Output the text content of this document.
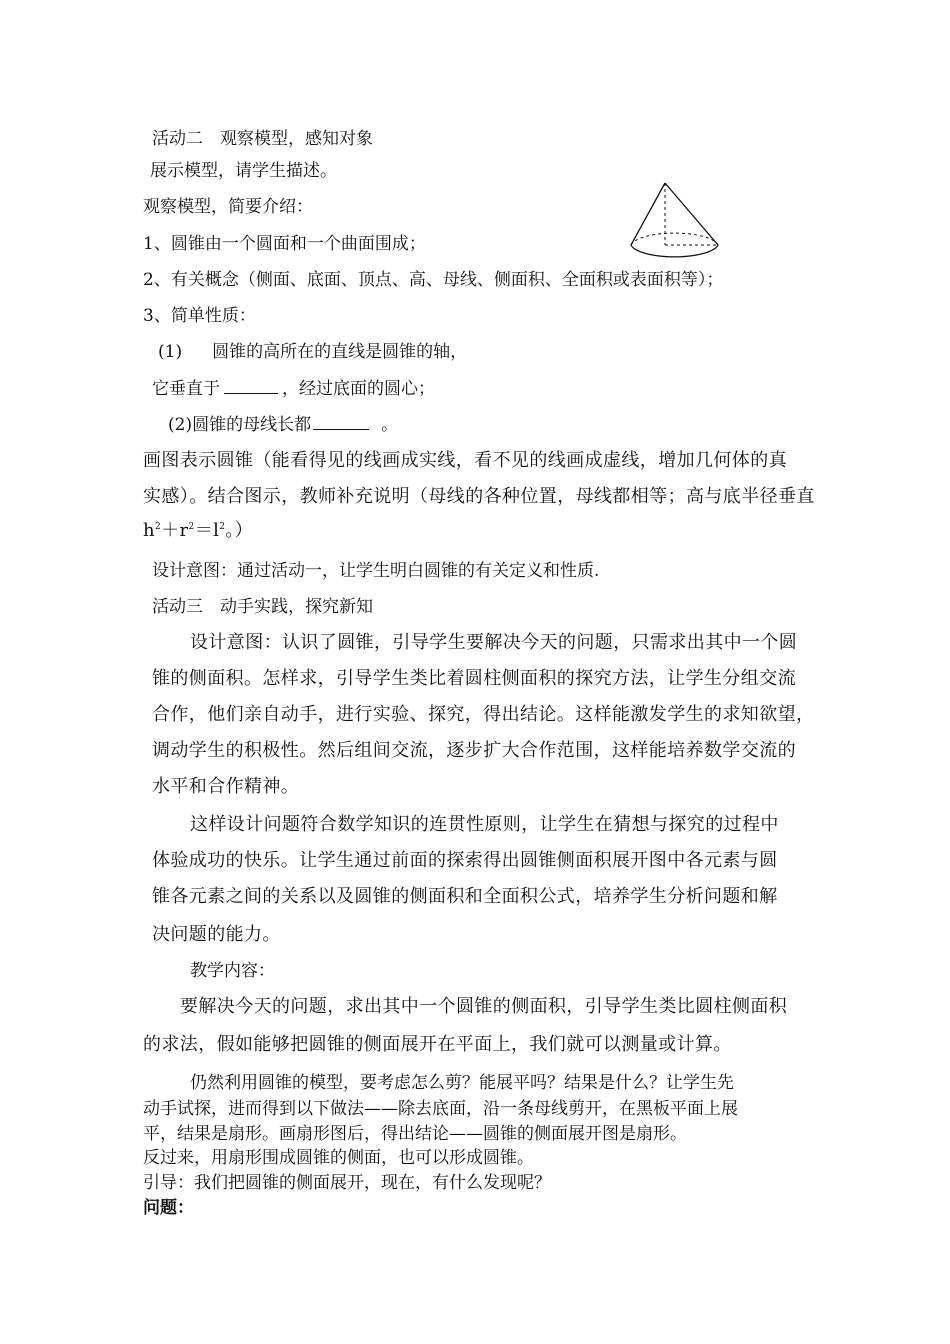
活动二　观察模型，感知对象
展示模型，请学生描述。
观察模型，简要介绍：
1、圆锥由一个圆面和一个曲面围成；
2、有关概念（侧面、底面、顶点、高、母线、侧面积、全面积或表面积等）；
3、简单性质：
(1) 圆锥的高所在的直线是圆锥的轴，
它垂直于	，经过底面的圆心；
(2)圆锥的母线长都	。
画图表示圆锥（能看得见的线画成实线，看不见的线画成虚线，增加几何体的真
实感）。结合图示，教师补充说明（母线的各种位置，母线都相等；高与底半径垂直
$h^2+r^2=l^2$。）
设计意图：通过活动一，让学生明白圆锥的有关定义和性质.
活动三　动手实践，探究新知
设计意图：认识了圆锥，引导学生要解决今天的问题，只需求出其中一个圆
锥的侧面积。怎样求，引导学生类比着圆柱侧面积的探究方法，让学生分组交流
合作，他们亲自动手，进行实验、探究，得出结论。这样能激发学生的求知欲望，
调动学生的积极性。然后组间交流，逐步扩大合作范围，这样能培养数学交流的
水平和合作精神。
这样设计问题符合数学知识的连贯性原则，让学生在猜想与探究的过程中
体验成功的快乐。让学生通过前面的探索得出圆锥侧面积展开图中各元素与圆
锥各元素之间的关系以及圆锥的侧面积和全面积公式，培养学生分析问题和解
决问题的能力。
教学内容：
要解决今天的问题，求出其中一个圆锥的侧面积，引导学生类比圆柱侧面积
的求法，假如能够把圆锥的侧面展开在平面上，我们就可以测量或计算。
仍然利用圆锥的模型，要考虑怎么剪？能展平吗？结果是什么？让学生先
动手试探，进而得到以下做法——除去底面，沿一条母线剪开，在黑板平面上展
平，结果是扇形。画扇形图后，得出结论——圆锥的侧面展开图是扇形。
反过来，用扇形围成圆锥的侧面，也可以形成圆锥。
引导：我们把圆锥的侧面展开，现在，有什么发现呢？
问题：
